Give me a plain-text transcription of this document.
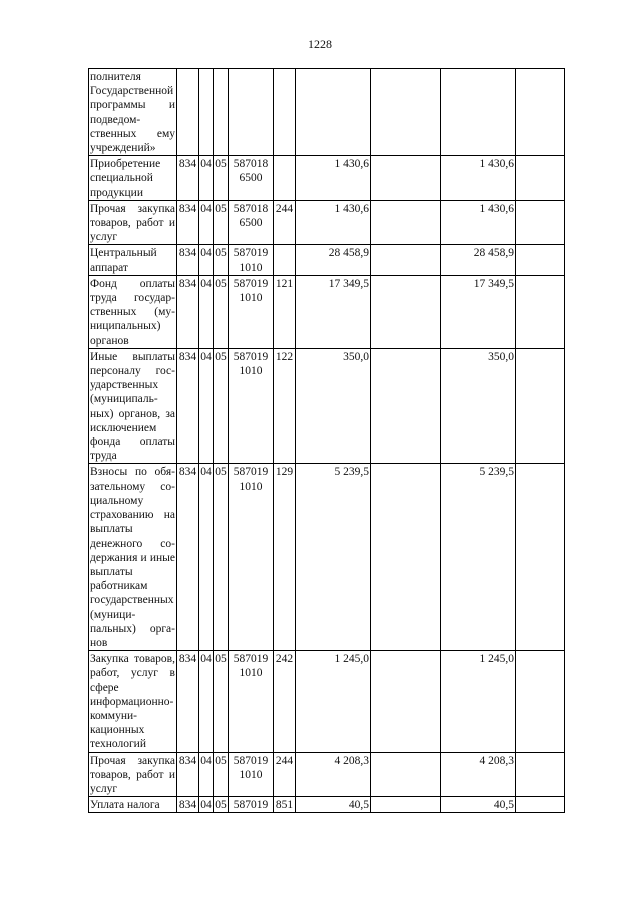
1228
полнителя Государственной программы и подведомственных ему учреждений»									
Приобретение специальной продукции	834	04	05	587018 6500		1 430,6		1 430,6	
Прочая закупка товаров, работ и услуг	834	04	05	587018 6500	244	1 430,6		1 430,6	
Центральный аппарат	834	04	05	587019 1010		28 458,9		28 458,9	
Фонд оплаты труда государственных (муниципальных) органов	834	04	05	587019 1010	121	17 349,5		17 349,5	
Иные выплаты персоналу государственных (муниципальных) органов, за исключением фонда оплаты труда	834	04	05	587019 1010	122	350,0		350,0	
Взносы по обязательному социальному страхованию на выплаты денежного содержания и иные выплаты работникам государственных (муниципальных) органов	834	04	05	587019 1010	129	5 239,5		5 239,5	
Закупка товаров, работ, услуг в сфере информационно-коммуникационных технологий	834	04	05	587019 1010	242	1 245,0		1 245,0	
Прочая закупка товаров, работ и услуг	834	04	05	587019 1010	244	4 208,3		4 208,3	
Уплата налога	834	04	05	587019	851	40,5		40,5	
